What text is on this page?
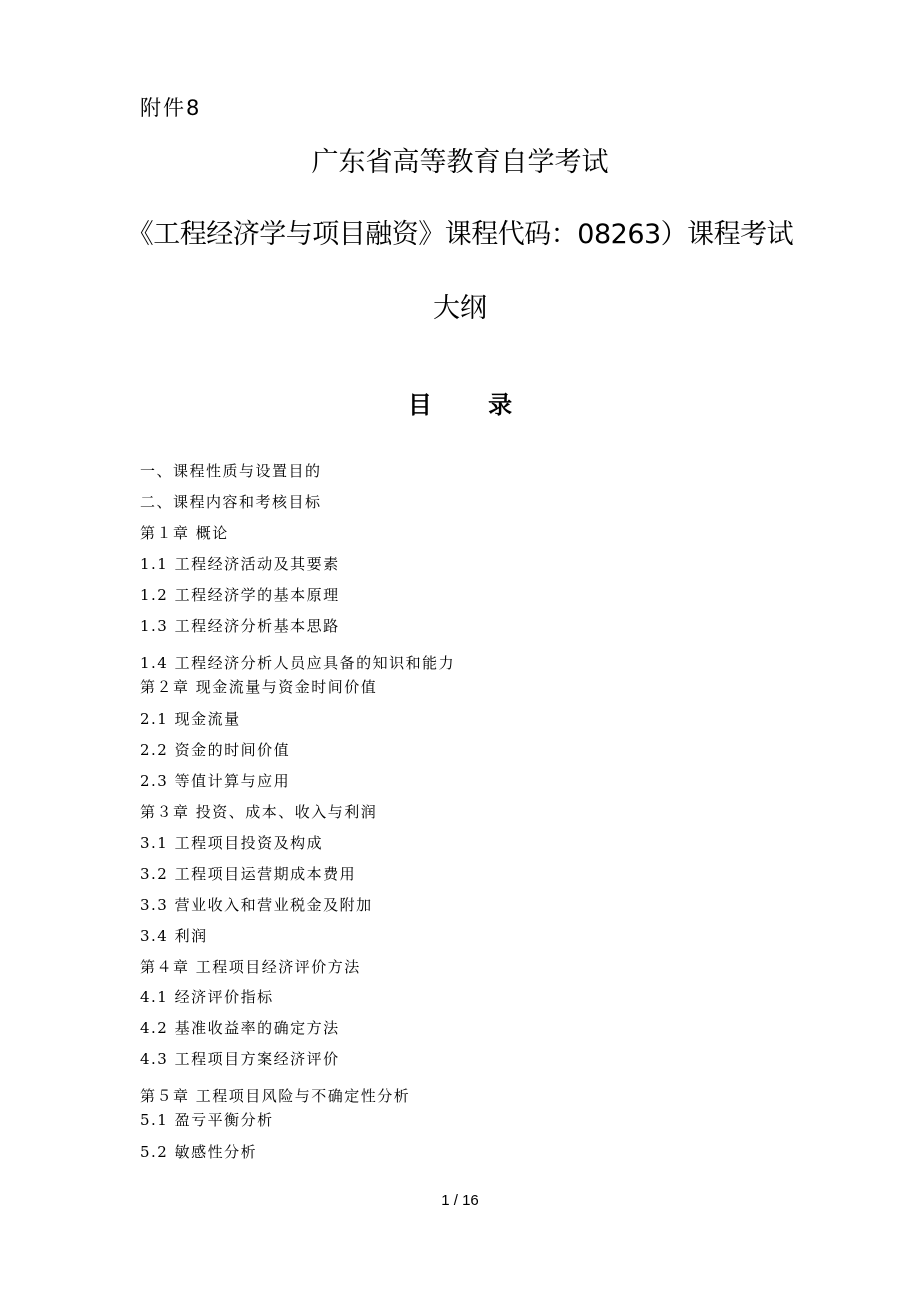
附件8
广东省高等教育自学考试
《工程经济学与项目融资》课程代码：08263）课程考试
大纲
目 录
一、课程性质与设置目的
二、课程内容和考核目标
第１章 概论
1.1 工程经济活动及其要素
1.2 工程经济学的基本原理
1.3 工程经济分析基本思路
1.4 工程经济分析人员应具备的知识和能力
第２章 现金流量与资金时间价值
2.1 现金流量
2.2 资金的时间价值
2.3 等值计算与应用
第３章 投资、成本、收入与利润
3.1 工程项目投资及构成
3.2 工程项目运营期成本费用
3.3 营业收入和营业税金及附加
3.4 利润
第４章 工程项目经济评价方法
4.1 经济评价指标
4.2 基准收益率的确定方法
4.3 工程项目方案经济评价
第５章 工程项目风险与不确定性分析
5.1 盈亏平衡分析
5.2 敏感性分析
1 / 16
